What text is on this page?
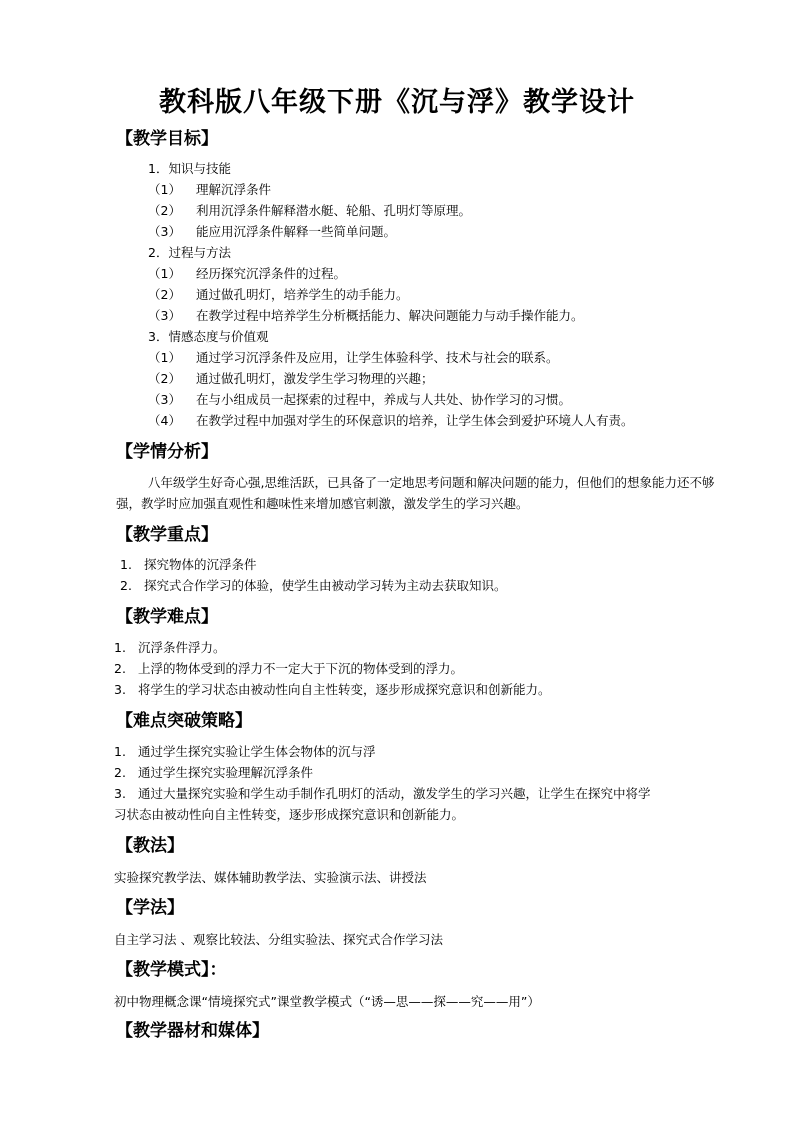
教科版八年级下册《沉与浮》教学设计
【教学目标】
1．知识与技能
（1） 理解沉浮条件
（2） 利用沉浮条件解释潜水艇、轮船、孔明灯等原理。
（3） 能应用沉浮条件解释一些简单问题。
2．过程与方法
（1） 经历探究沉浮条件的过程。
（2） 通过做孔明灯，培养学生的动手能力。
（3） 在教学过程中培养学生分析概括能力、解决问题能力与动手操作能力。
3．情感态度与价值观
（1） 通过学习沉浮条件及应用，让学生体验科学、技术与社会的联系。
（2） 通过做孔明灯，激发学生学习物理的兴趣；
（3） 在与小组成员一起探索的过程中，养成与人共处、协作学习的习惯。
（4） 在教学过程中加强对学生的环保意识的培养，让学生体会到爱护环境人人有责。
【学情分析】
八年级学生好奇心强,思维活跃，已具备了一定地思考问题和解决问题的能力，但他们的想象能力还不够强，教学时应加强直观性和趣味性来增加感官刺激，激发学生的学习兴趣。
【教学重点】
1. 探究物体的沉浮条件
2. 探究式合作学习的体验，使学生由被动学习转为主动去获取知识。
【教学难点】
1. 沉浮条件浮力。
2. 上浮的物体受到的浮力不一定大于下沉的物体受到的浮力。
3. 将学生的学习状态由被动性向自主性转变，逐步形成探究意识和创新能力。
【难点突破策略】
1. 通过学生探究实验让学生体会物体的沉与浮
2. 通过学生探究实验理解沉浮条件
3. 通过大量探究实验和学生动手制作孔明灯的活动，激发学生的学习兴趣，让学生在探究中将学
习状态由被动性向自主性转变，逐步形成探究意识和创新能力。
【教法】
实验探究教学法、媒体辅助教学法、实验演示法、讲授法
【学法】
自主学习法 、观察比较法、分组实验法、探究式合作学习法
【教学模式】：
初中物理概念课“情境探究式”课堂教学模式（“诱—思——探——究——用”）
【教学器材和媒体】
